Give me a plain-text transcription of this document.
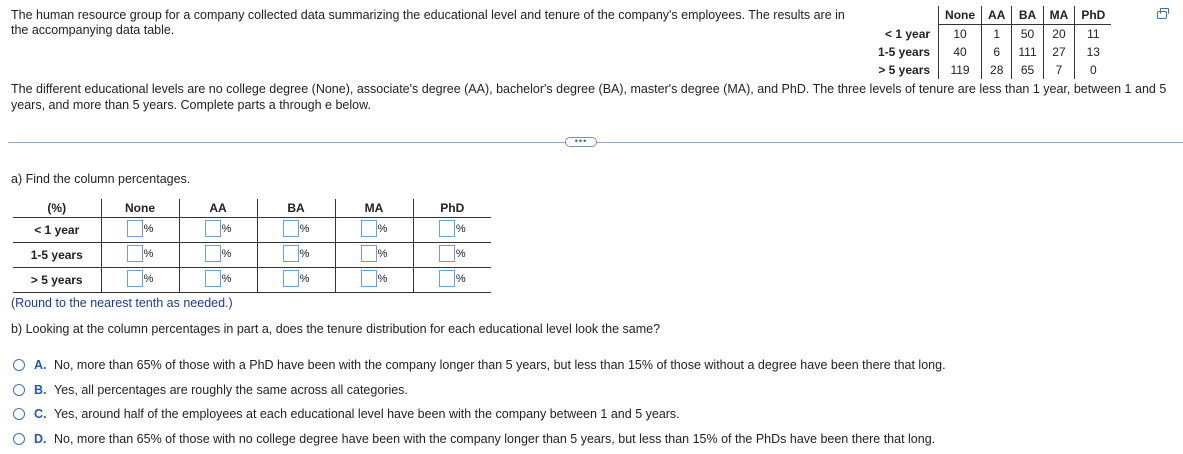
The human resource group for a company collected data summarizing the educational level and tenure of the company's employees. The results are in the accompanying data table.
	None	AA	BA	MA	PhD
< 1 year	10	1	50	20	11
1-5 years	40	6	111	27	13
> 5 years	119	28	65	7	0
The different educational levels are no college degree (None), associate's degree (AA), bachelor's degree (BA), master's degree (MA), and PhD. The three levels of tenure are less than 1 year, between 1 and 5 years, and more than 5 years. Complete parts a through e below.
•••
a) Find the column percentages.
(%)	None	AA	BA	MA	PhD
< 1 year	%	%	%	%	%

1-5 years	%	%	%	%	%

> 5 years	%	%	%	%	%
(Round to the nearest tenth as needed.)
b) Looking at the column percentages in part a, does the tenure distribution for each educational level look the same?
A. No, more than 65% of those with a PhD have been with the company longer than 5 years, but less than 15% of those without a degree have been there that long.
B. Yes, all percentages are roughly the same across all categories.
C. Yes, around half of the employees at each educational level have been with the company between 1 and 5 years.
D. No, more than 65% of those with no college degree have been with the company longer than 5 years, but less than 15% of the PhDs have been there that long.
